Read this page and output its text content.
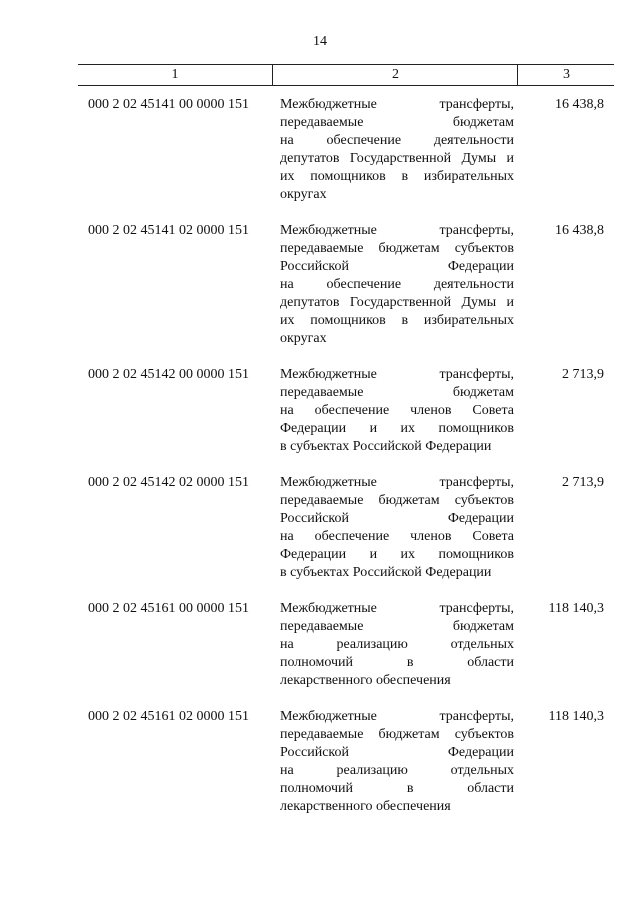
14
1	2	3
000 2 02 45141 00 0000 151	Межбюджетные трансферты,
передаваемые бюджетам
на обеспечение деятельности
депутатов Государственной Думы и
их помощников в избирательных
округах
16 438,8
000 2 02 45141 02 0000 151	Межбюджетные трансферты,
передаваемые бюджетам субъектов
Российской Федерации
на обеспечение деятельности
депутатов Государственной Думы и
их помощников в избирательных
округах
16 438,8
000 2 02 45142 00 0000 151	Межбюджетные трансферты,
передаваемые бюджетам
на обеспечение членов Совета
Федерации и их помощников
в субъектах Российской Федерации
2 713,9
000 2 02 45142 02 0000 151	Межбюджетные трансферты,
передаваемые бюджетам субъектов
Российской Федерации
на обеспечение членов Совета
Федерации и их помощников
в субъектах Российской Федерации
2 713,9
000 2 02 45161 00 0000 151	Межбюджетные трансферты,
передаваемые бюджетам
на реализацию отдельных
полномочий в области
лекарственного обеспечения
118 140,3
000 2 02 45161 02 0000 151	Межбюджетные трансферты,
передаваемые бюджетам субъектов
Российской Федерации
на реализацию отдельных
полномочий в области
лекарственного обеспечения
118 140,3
